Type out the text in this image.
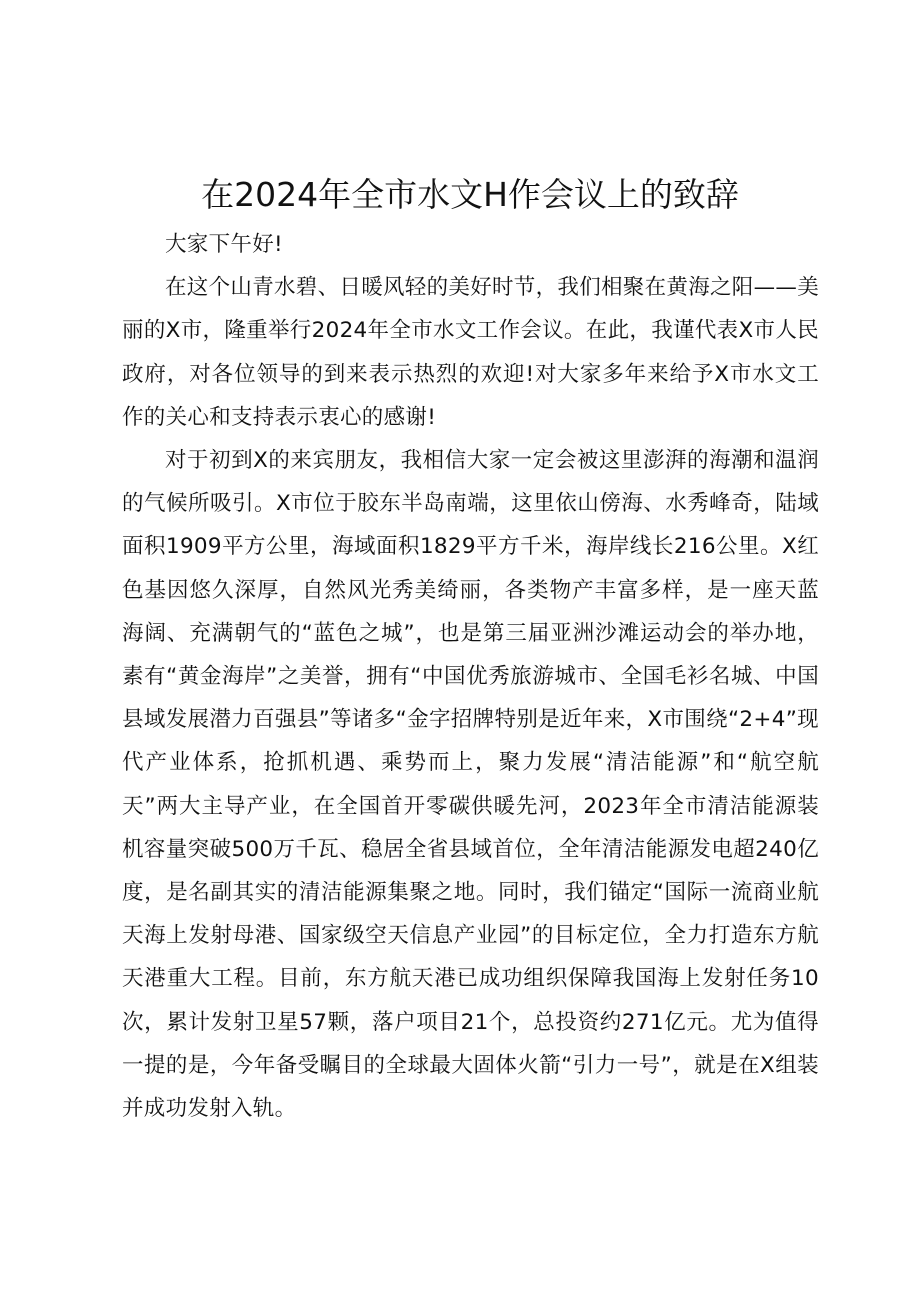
在2024年全市水文H作会议上的致辞

大家下午好!

在这个山青水碧、日暖风轻的美好时节，我们相聚在黄海之阳——美丽的X市，隆重举行2024年全市水文工作会议。在此，我谨代表X市人民政府，对各位领导的到来表示热烈的欢迎!对大家多年来给予X市水文工作的关心和支持表示衷心的感谢!

对于初到X的来宾朋友，我相信大家一定会被这里澎湃的海潮和温润的气候所吸引。X市位于胶东半岛南端，这里依山傍海、水秀峰奇，陆域面积1909平方公里，海域面积1829平方千米，海岸线长216公里。X红色基因悠久深厚，自然风光秀美绮丽，各类物产丰富多样，是一座天蓝海阔、充满朝气的“蓝色之城”，也是第三届亚洲沙滩运动会的举办地，素有“黄金海岸”之美誉，拥有“中国优秀旅游城市、全国毛衫名城、中国县域发展潜力百强县”等诸多“金字招牌特别是近年来，X市围绕“2+4”现代产业体系，抢抓机遇、乘势而上，聚力发展“清洁能源”和“航空航天”两大主导产业，在全国首开零碳供暖先河，2023年全市清洁能源装机容量突破500万千瓦、稳居全省县域首位，全年清洁能源发电超240亿度，是名副其实的清洁能源集聚之地。同时，我们锚定“国际一流商业航天海上发射母港、国家级空天信息产业园”的目标定位，全力打造东方航天港重大工程。目前，东方航天港已成功组织保障我国海上发射任务10次，累计发射卫星57颗，落户项目21个，总投资约271亿元。尤为值得一提的是，今年备受瞩目的全球最大固体火箭“引力一号”，就是在X组装并成功发射入轨。
